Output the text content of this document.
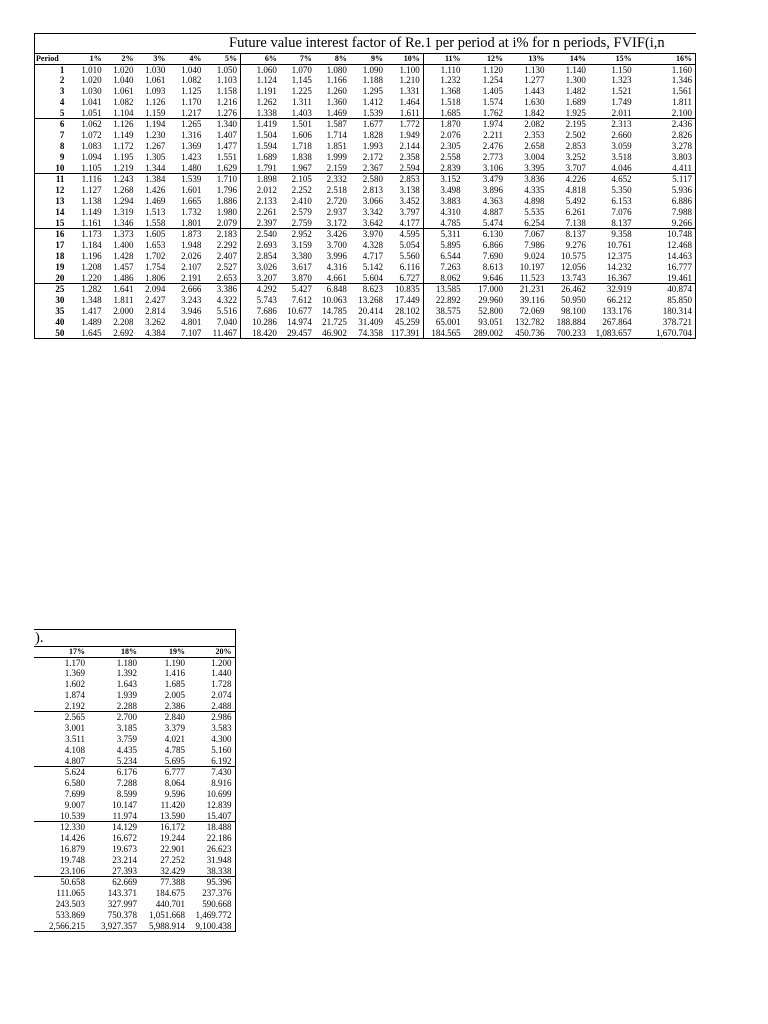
Future value interest factor of Re.1 per period at i% for n periods, FVIF(i,n																
Period	1%	2%	3%	4%	5%	6%	7%	8%	9%	10%	11%	12%	13%	14%	15%	16%
1	1.010	1.020	1.030	1.040	1.050	1.060	1.070	1.080	1.090	1.100	1.110	1.120	1.130	1.140	1.150	1.160
2	1.020	1.040	1.061	1.082	1.103	1.124	1.145	1.166	1.188	1.210	1.232	1.254	1.277	1.300	1.323	1.346
3	1.030	1.061	1.093	1.125	1.158	1.191	1.225	1.260	1.295	1.331	1.368	1.405	1.443	1.482	1.521	1.561
4	1.041	1.082	1.126	1.170	1.216	1.262	1.311	1.360	1.412	1.464	1.518	1.574	1.630	1.689	1.749	1.811
5	1.051	1.104	1.159	1.217	1.276	1.338	1.403	1.469	1.539	1.611	1.685	1.762	1.842	1.925	2.011	2.100
6	1.062	1.126	1.194	1.265	1.340	1.419	1.501	1.587	1.677	1.772	1.870	1.974	2.082	2.195	2.313	2.436
7	1.072	1.149	1.230	1.316	1.407	1.504	1.606	1.714	1.828	1.949	2.076	2.211	2.353	2.502	2.660	2.826
8	1.083	1.172	1.267	1.369	1.477	1.594	1.718	1.851	1.993	2.144	2.305	2.476	2.658	2.853	3.059	3.278
9	1.094	1.195	1.305	1.423	1.551	1.689	1.838	1.999	2.172	2.358	2.558	2.773	3.004	3.252	3.518	3.803
10	1.105	1.219	1.344	1.480	1.629	1.791	1.967	2.159	2.367	2.594	2.839	3.106	3.395	3.707	4.046	4.411
11	1.116	1.243	1.384	1.539	1.710	1.898	2.105	2.332	2.580	2.853	3.152	3.479	3.836	4.226	4.652	5.117
12	1.127	1.268	1.426	1.601	1.796	2.012	2.252	2.518	2.813	3.138	3.498	3.896	4.335	4.818	5.350	5.936
13	1.138	1.294	1.469	1.665	1.886	2.133	2.410	2.720	3.066	3.452	3.883	4.363	4.898	5.492	6.153	6.886
14	1.149	1.319	1.513	1.732	1.980	2.261	2.579	2.937	3.342	3.797	4.310	4.887	5.535	6.261	7.076	7.988
15	1.161	1.346	1.558	1.801	2.079	2.397	2.759	3.172	3.642	4.177	4.785	5.474	6.254	7.138	8.137	9.266
16	1.173	1.373	1.605	1.873	2.183	2.540	2.952	3.426	3.970	4.595	5.311	6.130	7.067	8.137	9.358	10.748
17	1.184	1.400	1.653	1.948	2.292	2.693	3.159	3.700	4.328	5.054	5.895	6.866	7.986	9.276	10.761	12.468
18	1.196	1.428	1.702	2.026	2.407	2.854	3.380	3.996	4.717	5.560	6.544	7.690	9.024	10.575	12.375	14.463
19	1.208	1.457	1.754	2.107	2.527	3.026	3.617	4.316	5.142	6.116	7.263	8.613	10.197	12.056	14.232	16.777
20	1.220	1.486	1.806	2.191	2.653	3.207	3.870	4.661	5.604	6.727	8.062	9.646	11.523	13.743	16.367	19.461
25	1.282	1.641	2.094	2.666	3.386	4.292	5.427	6.848	8.623	10.835	13.585	17.000	21.231	26.462	32.919	40.874
30	1.348	1.811	2.427	3.243	4.322	5.743	7.612	10.063	13.268	17.449	22.892	29.960	39.116	50.950	66.212	85.850
35	1.417	2.000	2.814	3.946	5.516	7.686	10.677	14.785	20.414	28.102	38.575	52.800	72.069	98.100	133.176	180.314
40	1.489	2.208	3.262	4.801	7.040	10.286	14.974	21.725	31.409	45.259	65.001	93.051	132.782	188.884	267.864	378.721
50	1.645	2.692	4.384	7.107	11.467	18.420	29.457	46.902	74.358	117.391	184.565	289.002	450.736	700.233	1,083.657	1,670.704
).			
17%	18%	19%	20%
1.170	1.180	1.190	1.200
1.369	1.392	1.416	1.440
1.602	1.643	1.685	1.728
1.874	1.939	2.005	2.074
2.192	2.288	2.386	2.488
2.565	2.700	2.840	2.986
3.001	3.185	3.379	3.583
3.511	3.759	4.021	4.300
4.108	4.435	4.785	5.160
4.807	5.234	5.695	6.192
5.624	6.176	6.777	7.430
6.580	7.288	8.064	8.916
7.699	8.599	9.596	10.699
9.007	10.147	11.420	12.839
10.539	11.974	13.590	15.407
12.330	14.129	16.172	18.488
14.426	16.672	19.244	22.186
16.879	19.673	22.901	26.623
19.748	23.214	27.252	31.948
23.106	27.393	32.429	38.338
50.658	62.669	77.388	95.396
111.065	143.371	184.675	237.376
243.503	327.997	440.701	590.668
533.869	750.378	1,051.668	1,469.772
2,566.215	3,927.357	5,988.914	9,100.438
